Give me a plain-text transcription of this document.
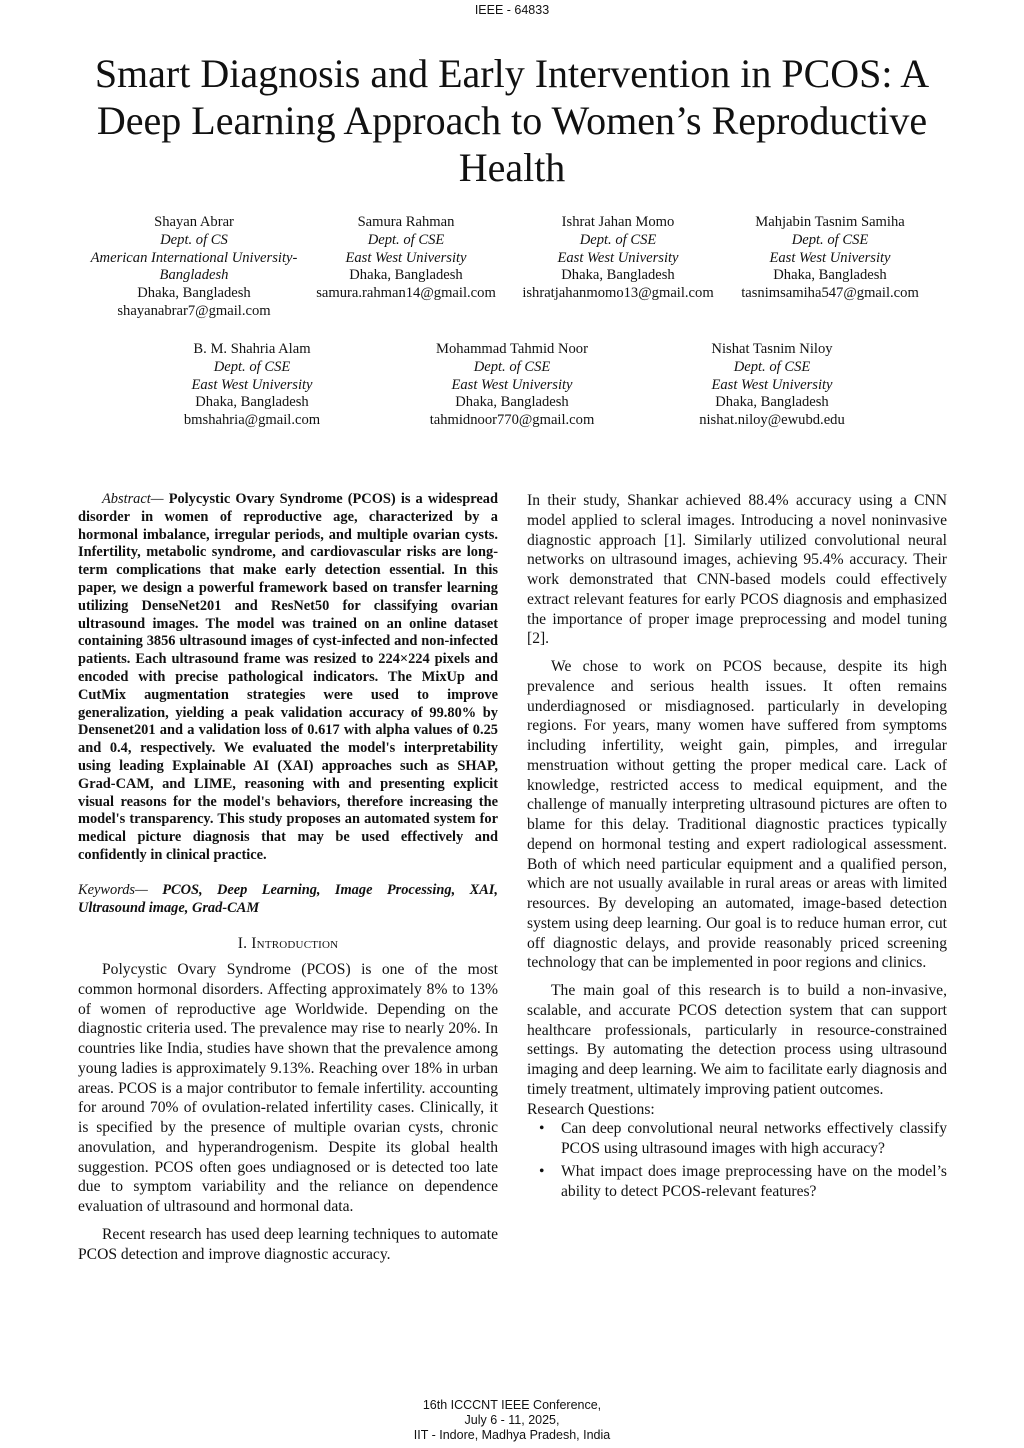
IEEE - 64833
Smart Diagnosis and Early Intervention in PCOS: A Deep Learning Approach to Women’s Reproductive Health
Shayan Abrar
Dept. of CS
American International University-Bangladesh
Dhaka, Bangladesh
shayanabrar7@gmail.com
Samura Rahman
Dept. of CSE
East West University
Dhaka, Bangladesh
samura.rahman14@gmail.com
Ishrat Jahan Momo
Dept. of CSE
East West University
Dhaka, Bangladesh
ishratjahanmomo13@gmail.com
Mahjabin Tasnim Samiha
Dept. of CSE
East West University
Dhaka, Bangladesh
tasnimsamiha547@gmail.com
B. M. Shahria Alam
Dept. of CSE
East West University
Dhaka, Bangladesh
bmshahria@gmail.com
Mohammad Tahmid Noor
Dept. of CSE
East West University
Dhaka, Bangladesh
tahmidnoor770@gmail.com
Nishat Tasnim Niloy
Dept. of CSE
East West University
Dhaka, Bangladesh
nishat.niloy@ewubd.edu

Abstract— Polycystic Ovary Syndrome (PCOS) is a widespread disorder in women of reproductive age, characterized by a hormonal imbalance, irregular periods, and multiple ovarian cysts. Infertility, metabolic syndrome, and cardiovascular risks are long-term complications that make early detection essential. In this paper, we design a powerful framework based on transfer learning utilizing DenseNet201 and ResNet50 for classifying ovarian ultrasound images. The model was trained on an online dataset containing 3856 ultrasound images of cyst-infected and non-infected patients. Each ultrasound frame was resized to 224×224 pixels and encoded with precise pathological indicators. The MixUp and CutMix augmentation strategies were used to improve generalization, yielding a peak validation accuracy of 99.80% by Densenet201 and a validation loss of 0.617 with alpha values of 0.25 and 0.4, respectively. We evaluated the model's interpretability using leading Explainable AI (XAI) approaches such as SHAP, Grad-CAM, and LIME, reasoning with and presenting explicit visual reasons for the model's behaviors, therefore increasing the model's transparency. This study proposes an automated system for medical picture diagnosis that may be used effectively and confidently in clinical practice.

Keywords— PCOS, Deep Learning, Image Processing, XAI, Ultrasound image, Grad-CAM

I. Introduction

Polycystic Ovary Syndrome (PCOS) is one of the most common hormonal disorders. Affecting approximately 8% to 13% of women of reproductive age Worldwide. Depending on the diagnostic criteria used. The prevalence may rise to nearly 20%. In countries like India, studies have shown that the prevalence among young ladies is approximately 9.13%. Reaching over 18% in urban areas. PCOS is a major contributor to female infertility. accounting for around 70% of ovulation-related infertility cases. Clinically, it is specified by the presence of multiple ovarian cysts, chronic anovulation, and hyperandrogenism. Despite its global health suggestion. PCOS often goes undiagnosed or is detected too late due to symptom variability and the reliance on dependence evaluation of ultrasound and hormonal data.

Recent research has used deep learning techniques to automate PCOS detection and improve diagnostic accuracy.

In their study, Shankar achieved 88.4% accuracy using a CNN model applied to scleral images. Introducing a novel noninvasive diagnostic approach [1]. Similarly utilized convolutional neural networks on ultrasound images, achieving 95.4% accuracy. Their work demonstrated that CNN-based models could effectively extract relevant features for early PCOS diagnosis and emphasized the importance of proper image preprocessing and model tuning [2].

We chose to work on PCOS because, despite its high prevalence and serious health issues. It often remains underdiagnosed or misdiagnosed. particularly in developing regions. For years, many women have suffered from symptoms including infertility, weight gain, pimples, and irregular menstruation without getting the proper medical care. Lack of knowledge, restricted access to medical equipment, and the challenge of manually interpreting ultrasound pictures are often to blame for this delay. Traditional diagnostic practices typically depend on hormonal testing and expert radiological assessment. Both of which need particular equipment and a qualified person, which are not usually available in rural areas or areas with limited resources. By developing an automated, image-based detection system using deep learning. Our goal is to reduce human error, cut off diagnostic delays, and provide reasonably priced screening technology that can be implemented in poor regions and clinics.

The main goal of this research is to build a non-invasive, scalable, and accurate PCOS detection system that can support healthcare professionals, particularly in resource-constrained settings. By automating the detection process using ultrasound imaging and deep learning. We aim to facilitate early diagnosis and timely treatment, ultimately improving patient outcomes.

Research Questions:
• Can deep convolutional neural networks effectively classify PCOS using ultrasound images with high accuracy?
• What impact does image preprocessing have on the model’s ability to detect PCOS-relevant features?
16th ICCCNT IEEE Conference,
July 6 - 11, 2025,
IIT - Indore, Madhya Pradesh, India
